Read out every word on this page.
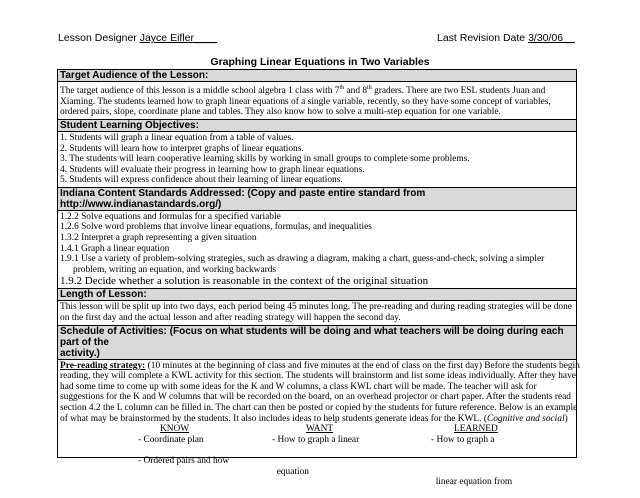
Lesson Designer Jayce Eifler____	Last Revision Date 3/30/06__
Graphing Linear Equations in Two Variables
Target Audience of the Lesson:
The target audience of this lesson is a middle school algebra 1 class with 7th and 8th graders. There are two ESL students Juan and
Xiaming. The students learned how to graph linear equations of a single variable, recently, so they have some concept of variables,
ordered pairs, slope, coordinate plane and tables. They also know how to solve a multi-step equation for one variable.
Student Learning Objectives:
1. Students will graph a linear equation from a table of values.
2. Students will learn how to interpret graphs of linear equations.
3. The students will learn cooperative learning skills by working in small groups to complete some problems.
4. Students will evaluate their progress in learning how to graph linear equations.
5. Students will express confidence about their learning of linear equations.
Indiana Content Standards Addressed: (Copy and paste entire standard from http://www.indianastandards.org/)
1.2.2 Solve equations and formulas for a specified variable
1.2.6 Solve word problems that involve linear equations, formulas, and inequalities
1.3.2 Interpret a graph representing a given situation
1.4.1 Graph a linear equation
1.9.1 Use a variety of problem-solving strategies, such as drawing a diagram, making a chart, guess-and-check, solving a simpler
problem, writing an equation, and working backwards
1.9.2 Decide whether a solution is reasonable in the context of the original situation
Length of Lesson:
This lesson will be split up into two days, each period being 45 minutes long. The pre-reading and during reading strategies will be done
on the first day and the actual lesson and after reading strategy will happen the second day.
Schedule of Activities: (Focus on what students will be doing and what teachers will be doing during each part of the
activity.)
Pre-reading strategy: (10 minutes at the beginning of class and five minutes at the end of class on the first day) Before the students begin
reading, they will complete a KWL activity for this section. The students will brainstorm and list some ideas individually. After they have
had some time to come up with some ideas for the K and W columns, a class KWL chart will be made. The teacher will ask for
suggestions for the K and W columns that will be recorded on the board, on an overhead projector or chart paper. After the students read
section 4.2 the L column can be filled in. The chart can then be posted or copied by the students for future reference. Below is an example
of what may be brainstormed by the students. It also includes ideas to help students generate ideas for the KWL. (Cognitive and social)
KNOW	WANT	LEARNED
- Coordinate plan	- How to graph a linear	- How to graph a

- Ordered pairs and how

equation

linear equation from
